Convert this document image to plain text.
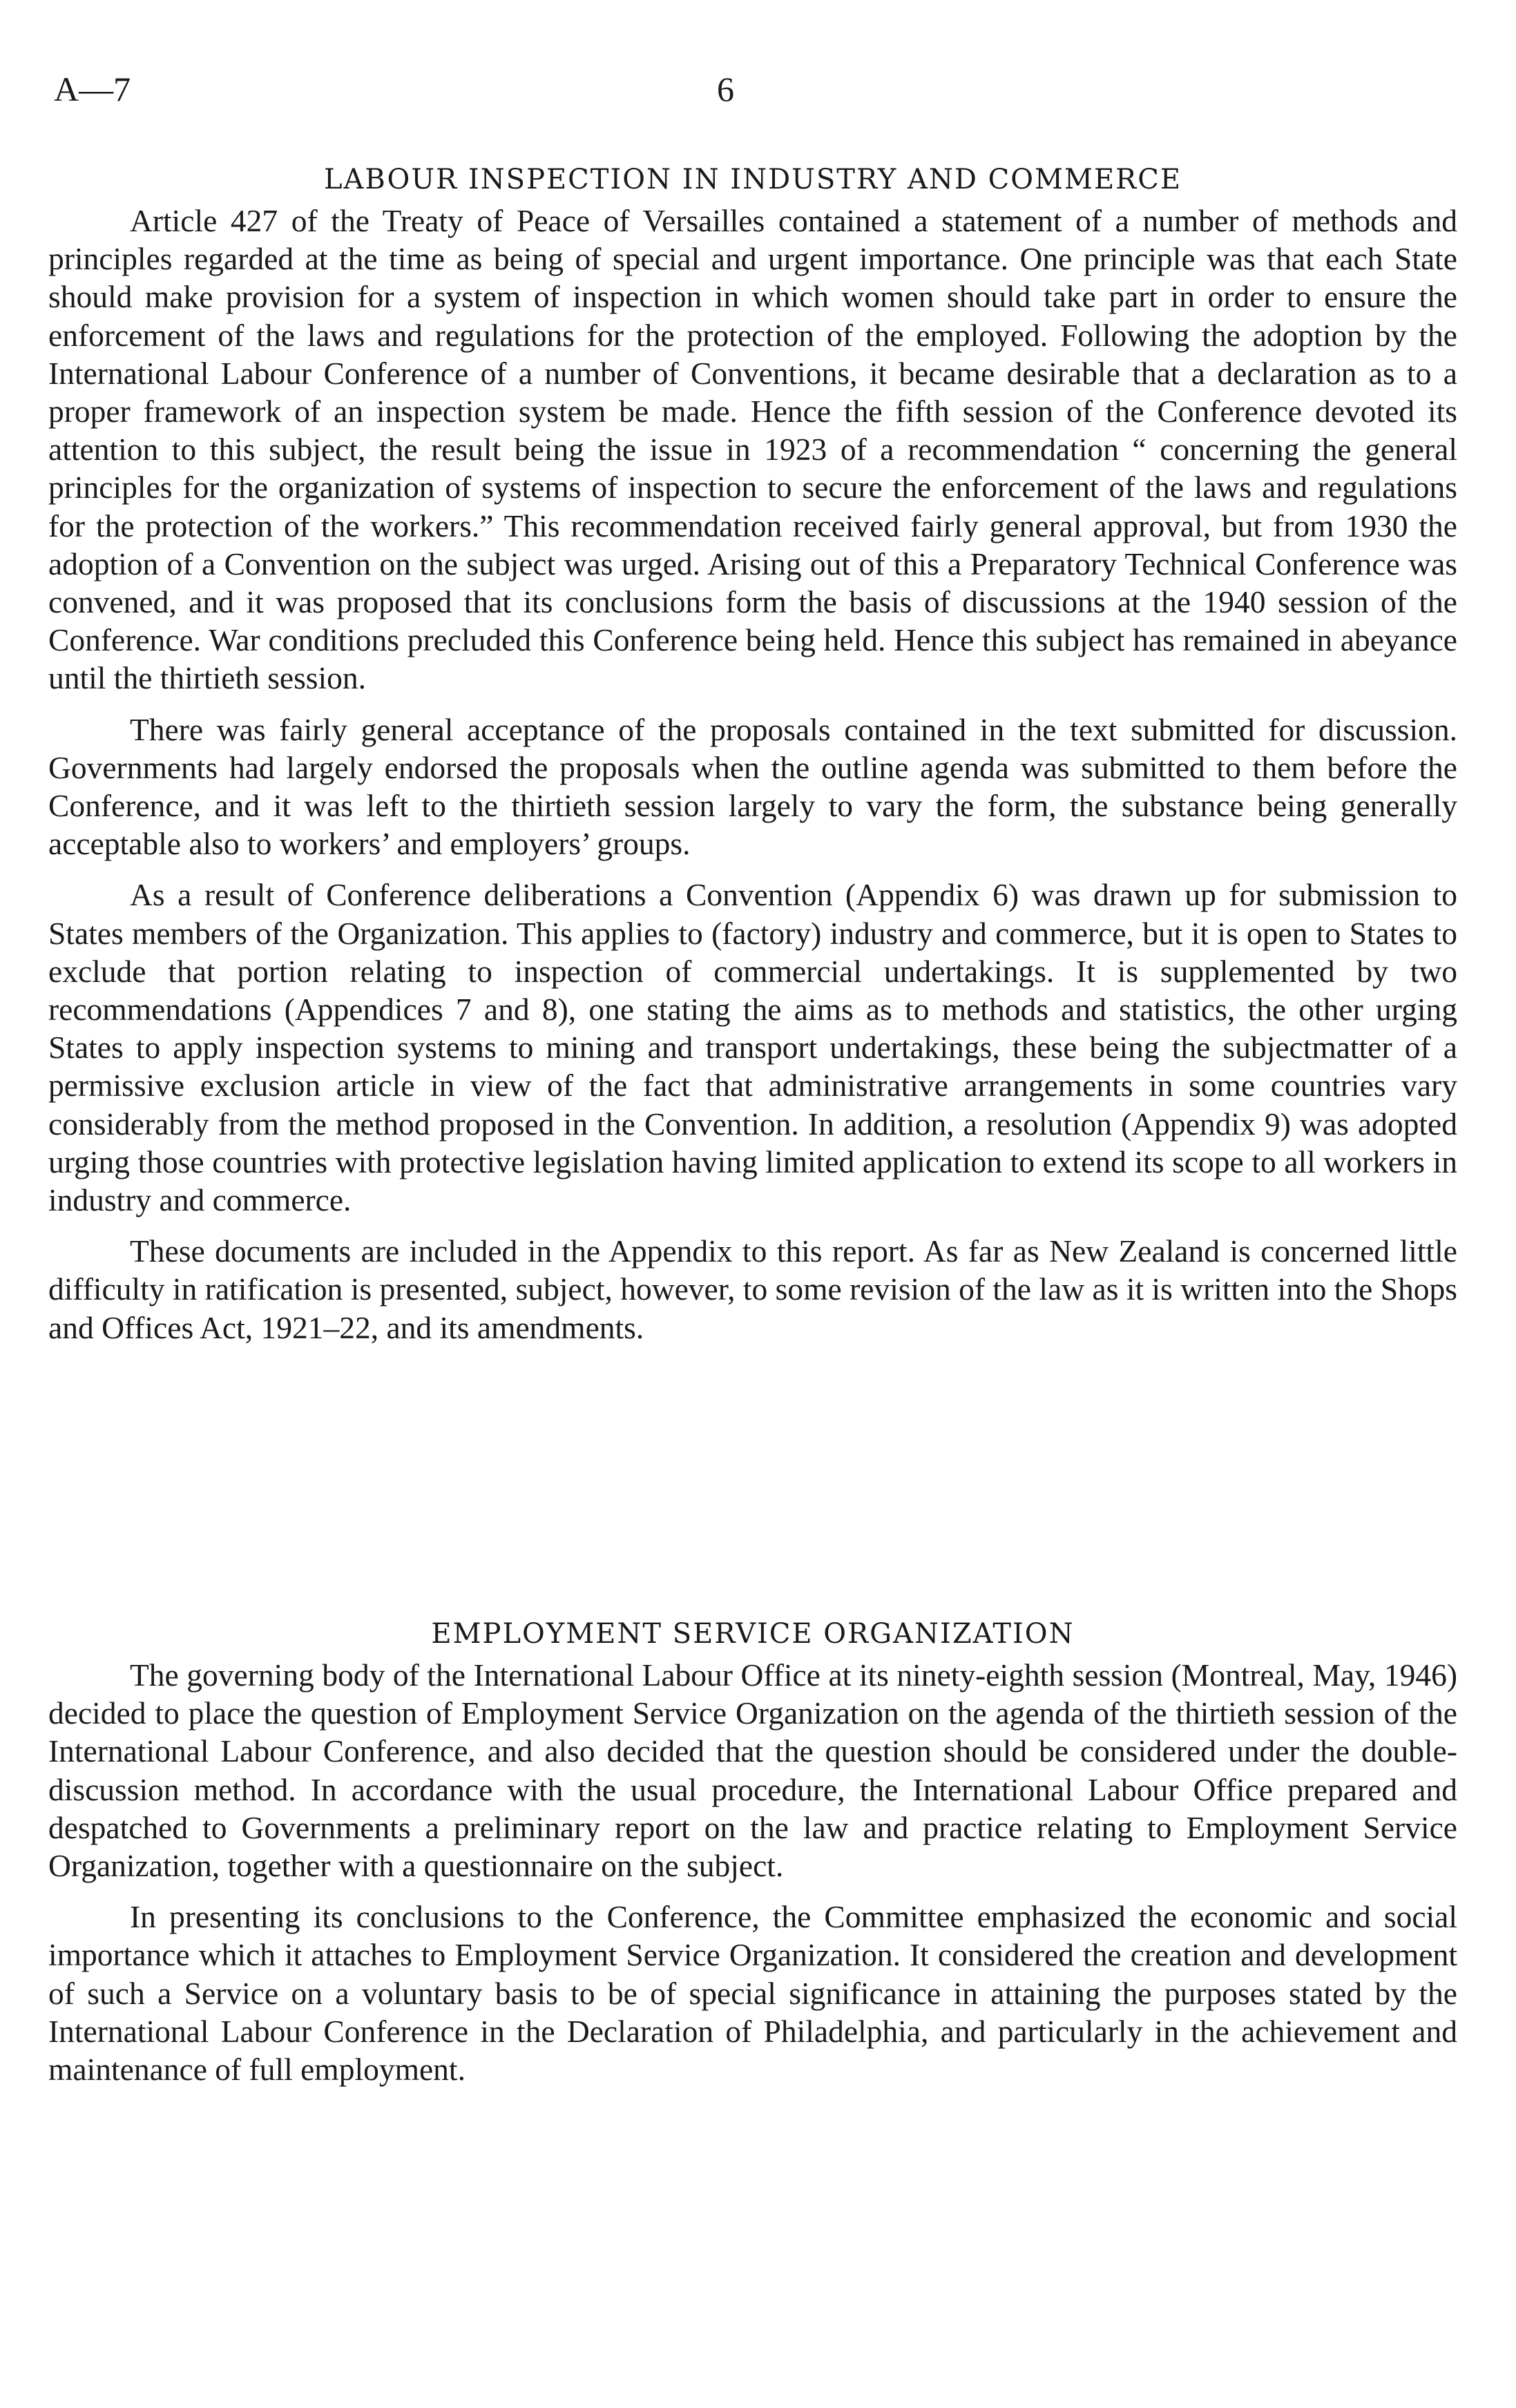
A—7	6
LABOUR INSPECTION IN INDUSTRY AND COMMERCE

Article 427 of the Treaty of Peace of Versailles contained a statement of a number of methods and principles regarded at the time as being of special and urgent importance. One principle was that each State should make provision for a system of inspection in which women should take part in order to ensure the enforcement of the laws and regulations for the protection of the employed. Following the adoption by the International Labour Conference of a number of Conventions, it became desirable that a declaration as to a proper framework of an inspection system be made. Hence the fifth session of the Conference devoted its attention to this subject, the result being the issue in 1923 of a recommendation “ concerning the general principles for the organization of systems of inspection to secure the enforcement of the laws and regulations for the protection of the workers.” This recommendation received fairly general approval, but from 1930 the adoption of a Convention on the subject was urged. Arising out of this a Preparatory Technical Conference was convened, and it was proposed that its conclusions form the basis of discussions at the 1940 session of the Conference. War conditions precluded this Conference being held. Hence this subject has remained in abeyance until the thirtieth session.

There was fairly general acceptance of the proposals contained in the text submitted for discussion. Governments had largely endorsed the proposals when the outline agenda was submitted to them before the Conference, and it was left to the thirtieth session largely to vary the form, the substance being generally acceptable also to workers’ and employers’ groups.

As a result of Conference deliberations a Convention (Appendix 6) was drawn up for submission to States members of the Organization. This applies to (factory) industry and commerce, but it is open to States to exclude that portion relating to inspection of commercial undertakings. It is supplemented by two recommendations (Appendices 7 and 8), one stating the aims as to methods and statistics, the other urging States to apply inspection systems to mining and transport undertakings, these being the subjectmatter of a permissive exclusion article in view of the fact that administrative arrangements in some countries vary considerably from the method proposed in the Convention. In addition, a resolution (Appendix 9) was adopted urging those countries with protective legislation having limited application to extend its scope to all workers in industry and commerce.

These documents are included in the Appendix to this report. As far as New Zealand is concerned little difficulty in ratification is presented, subject, however, to some revision of the law as it is written into the Shops and Offices Act, 1921–22, and its amendments.

EMPLOYMENT SERVICE ORGANIZATION

The governing body of the International Labour Office at its ninety-eighth session (Montreal, May, 1946) decided to place the question of Employment Service Organization on the agenda of the thirtieth session of the International Labour Conference, and also decided that the question should be considered under the double-discussion method. In accordance with the usual procedure, the International Labour Office prepared and despatched to Governments a preliminary report on the law and practice relating to Employment Service Organization, together with a questionnaire on the subject.

In presenting its conclusions to the Conference, the Committee emphasized the economic and social importance which it attaches to Employment Service Organization. It considered the creation and development of such a Service on a voluntary basis to be of special significance in attaining the purposes stated by the International Labour Conference in the Declaration of Philadelphia, and particularly in the achievement and maintenance of full employment.
